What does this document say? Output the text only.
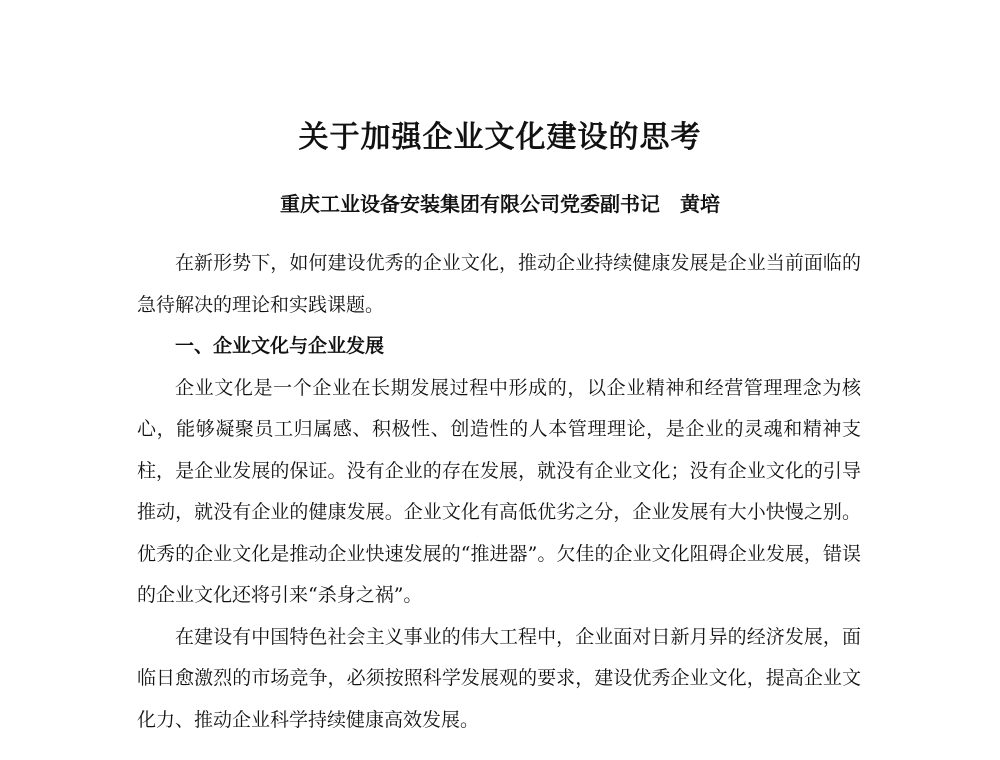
关于加强企业文化建设的思考
重庆工业设备安装集团有限公司党委副书记　黄培

在新形势下，如何建设优秀的企业文化，推动企业持续健康发展是企业当前面临的急待解决的理论和实践课题。

一、企业文化与企业发展

企业文化是一个企业在长期发展过程中形成的，以企业精神和经营管理理念为核心，能够凝聚员工归属感、积极性、创造性的人本管理理论，是企业的灵魂和精神支柱，是企业发展的保证。没有企业的存在发展，就没有企业文化；没有企业文化的引导推动，就没有企业的健康发展。企业文化有高低优劣之分，企业发展有大小快慢之别。优秀的企业文化是推动企业快速发展的“推进器”。欠佳的企业文化阻碍企业发展，错误的企业文化还将引来“杀身之祸”。

在建设有中国特色社会主义事业的伟大工程中，企业面对日新月异的经济发展，面临日愈激烈的市场竞争，必须按照科学发展观的要求，建设优秀企业文化，提高企业文化力、推动企业科学持续健康高效发展。
